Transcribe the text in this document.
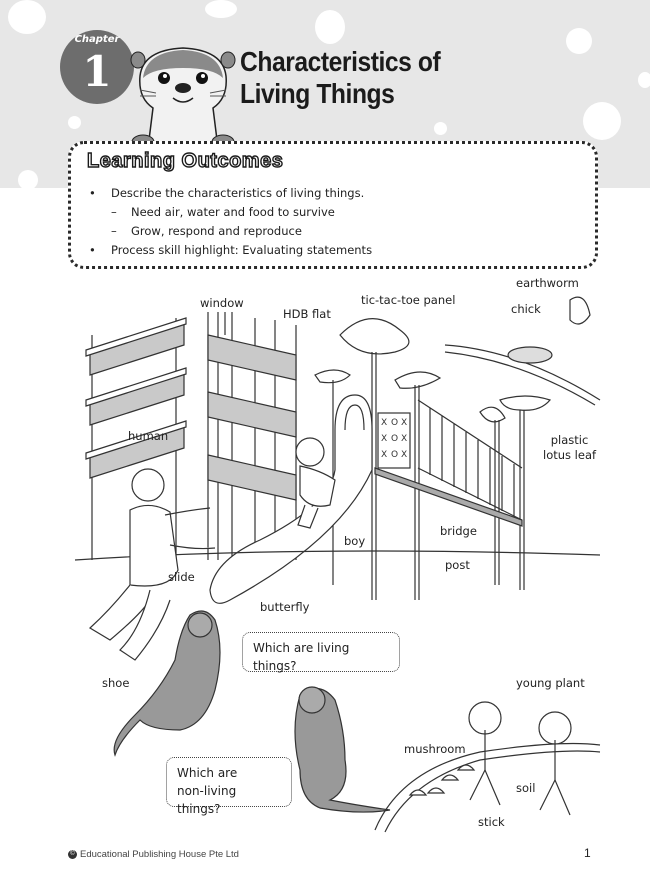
Chapter
1	Characteristics of
Living Things
Learning Outcomes
• Describe the characteristics of living things.
– Need air, water and food to survive
– Grow, respond and reproduce
• Process skill highlight: Evaluating statements
X O X
X O X
X O X
window
HDB flat
tic-tac-toe panel
earthworm
chick
human	plastic
lotus leaf
boy
bridge
slide
post
butterfly
shoe	young plant
mushroom
soil
stick
Which are living things?
Which are
non-living things?
© Educational Publishing House Pte Ltd	1
